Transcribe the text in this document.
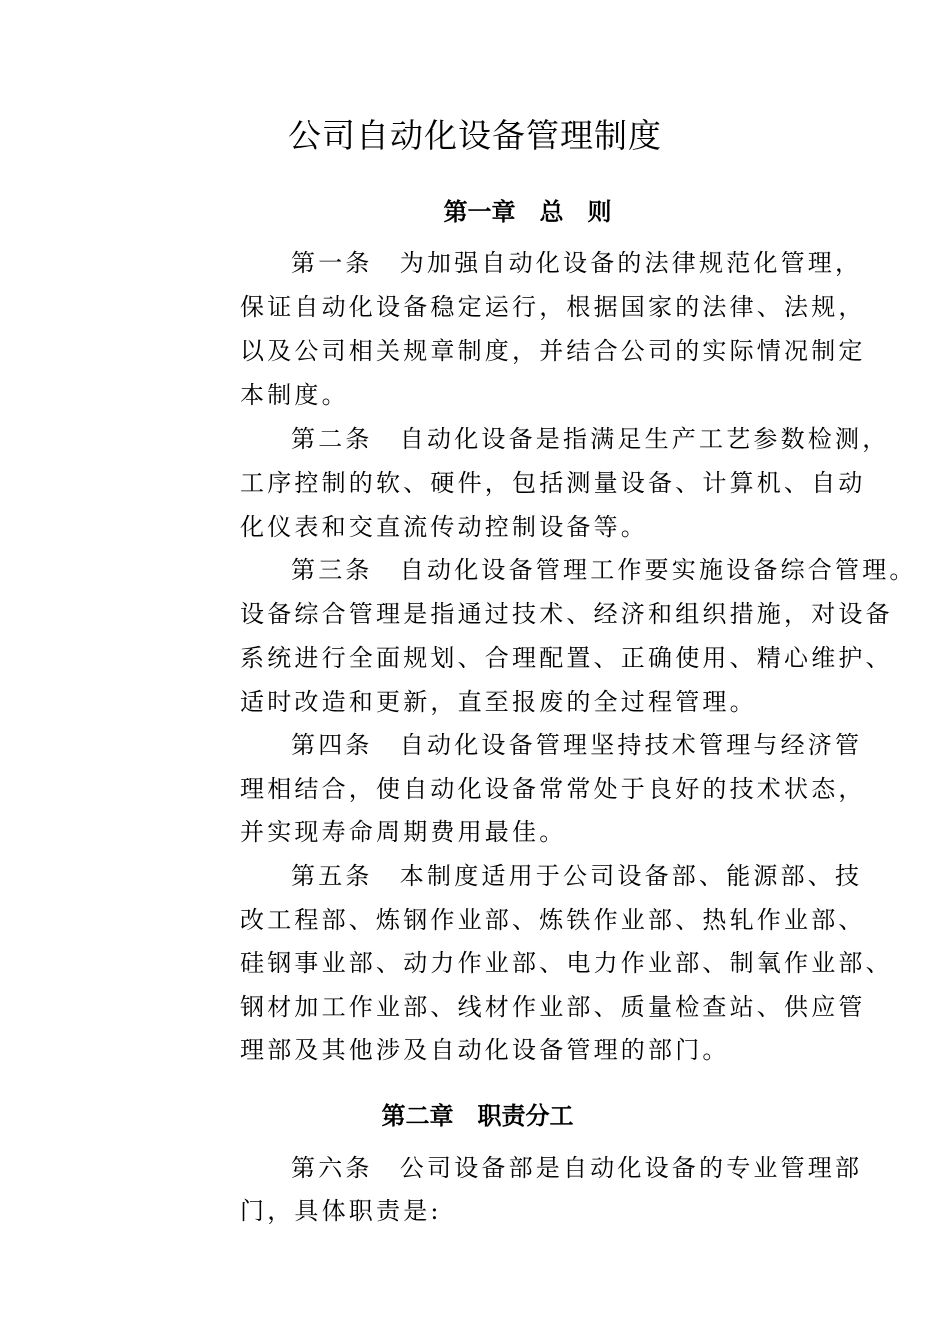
公司自动化设备管理制度
第一章　总　则
第一条　为加强自动化设备的法律规范化管理，
保证自动化设备稳定运行，根据国家的法律、法规，
以及公司相关规章制度，并结合公司的实际情况制定
本制度。
第二条　自动化设备是指满足生产工艺参数检测，
工序控制的软、硬件，包括测量设备、计算机、自动
化仪表和交直流传动控制设备等。
第三条　自动化设备管理工作要实施设备综合管理。
设备综合管理是指通过技术、经济和组织措施，对设备
系统进行全面规划、合理配置、正确使用、精心维护、
适时改造和更新，直至报废的全过程管理。
第四条　自动化设备管理坚持技术管理与经济管
理相结合，使自动化设备常常处于良好的技术状态，
并实现寿命周期费用最佳。
第五条　本制度适用于公司设备部、能源部、技
改工程部、炼钢作业部、炼铁作业部、热轧作业部、
硅钢事业部、动力作业部、电力作业部、制氧作业部、
钢材加工作业部、线材作业部、质量检查站、供应管
理部及其他涉及自动化设备管理的部门。
第二章　职责分工
第六条　公司设备部是自动化设备的专业管理部
门，具体职责是:
